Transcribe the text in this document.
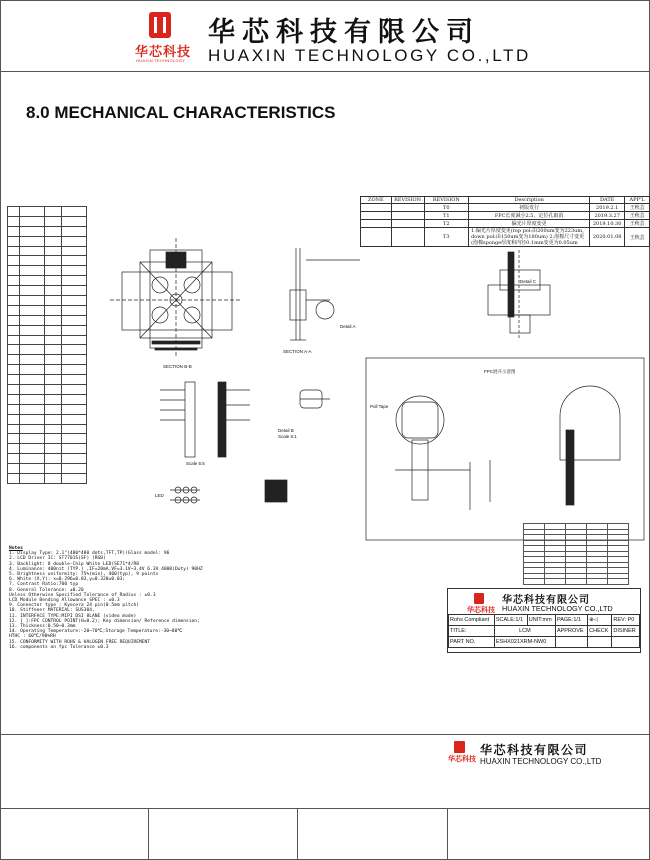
华芯科技
HUAXIN TECHNOLOGY
华芯科技有限公司
HUAXIN TECHNOLOGY CO.,LTD
8.0 MECHANICAL CHARACTERISTICS
ZONE	REVISION	REVISION	Description	DATE	APP'L
		T0	初版发行	2019.2.1	王秋芸
		T1	FPC长度減小2.5，定位孔取消	2019.3.27	王秋芸
		T2	偏光片厚度变更	2019.10.30	王秋芸
		T3	1.偏光片厚度变更(top pol:由200um变为223um，down pol:由150um变为180um) 2.泡棉尺寸变更(泡棉sponge厚度和内径0.1mm变更为0.05um	2020.01.08	王秋芸

SECTION B-B
SECTION A-A
Detail A
Detail C
Detail B
Scale 5:5
Scale 5:1
FPC展开示意图
Pull Tape
LED

Notes
1. Display Type: 2.1"(480*480 dots,TFT,TP)(Glass model: 96
2. LCD Driver IC: ST7701S(SF) (RGB)
3. Backlight: 8 double-Chip White LED(SE71*4/R8
4. Luminance: 400nit (TYP.) ,IF=20mA,VF=3.1V~3.4V 6.3V 4000(Duty) 90HZ
5. Brightness uniformity: 75%(min), 400(typ), 9 points
6. White (X,Y): x=0.296±0.03,y=0.320±0.03;
7. Contrast Ratio:700 typ
8. General Tolerance: ±0.20
Unless Otherwise Specified Tolerance of Radius : ±0.3
LCD Module Bending Allowance SPEC : ±0.3
9. Connector type : Kyocera 24 pin(0.5mm pitch)
10. Stiffener MATERIAL: SUS304,
11. INTERFACE TYPE:MIPI DSI 8LANE (video mode)
12. [ ]:FPC CONTROL POINT(H=0.2); Key dimension/ Reference dimension;
13. Thickness:0.50~0.3mm
14. Operating Temperature:-20~70℃;Storage Temperature:-30~80℃
HTHC : 60℃/90%RH
15. CONFORMITY WITH ROHS & HALOGEN FREE REQUIREMENT
16. components on fpc Tolerance ±0.3
华芯科技
华芯科技有限公司
HUAXIN TECHNOLOGY CO.,LTD
Rohs Compliant	SCALE:1/1	UNIT:mm	PAGE:1/1	⊕◁	REV: P0
TITLE:	LCM		APPROVE	CHECK	DISINER
PART NO.	ESHX021XRM-NW0				
华芯科技
华芯科技有限公司
HUAXIN TECHNOLOGY CO.,LTD
